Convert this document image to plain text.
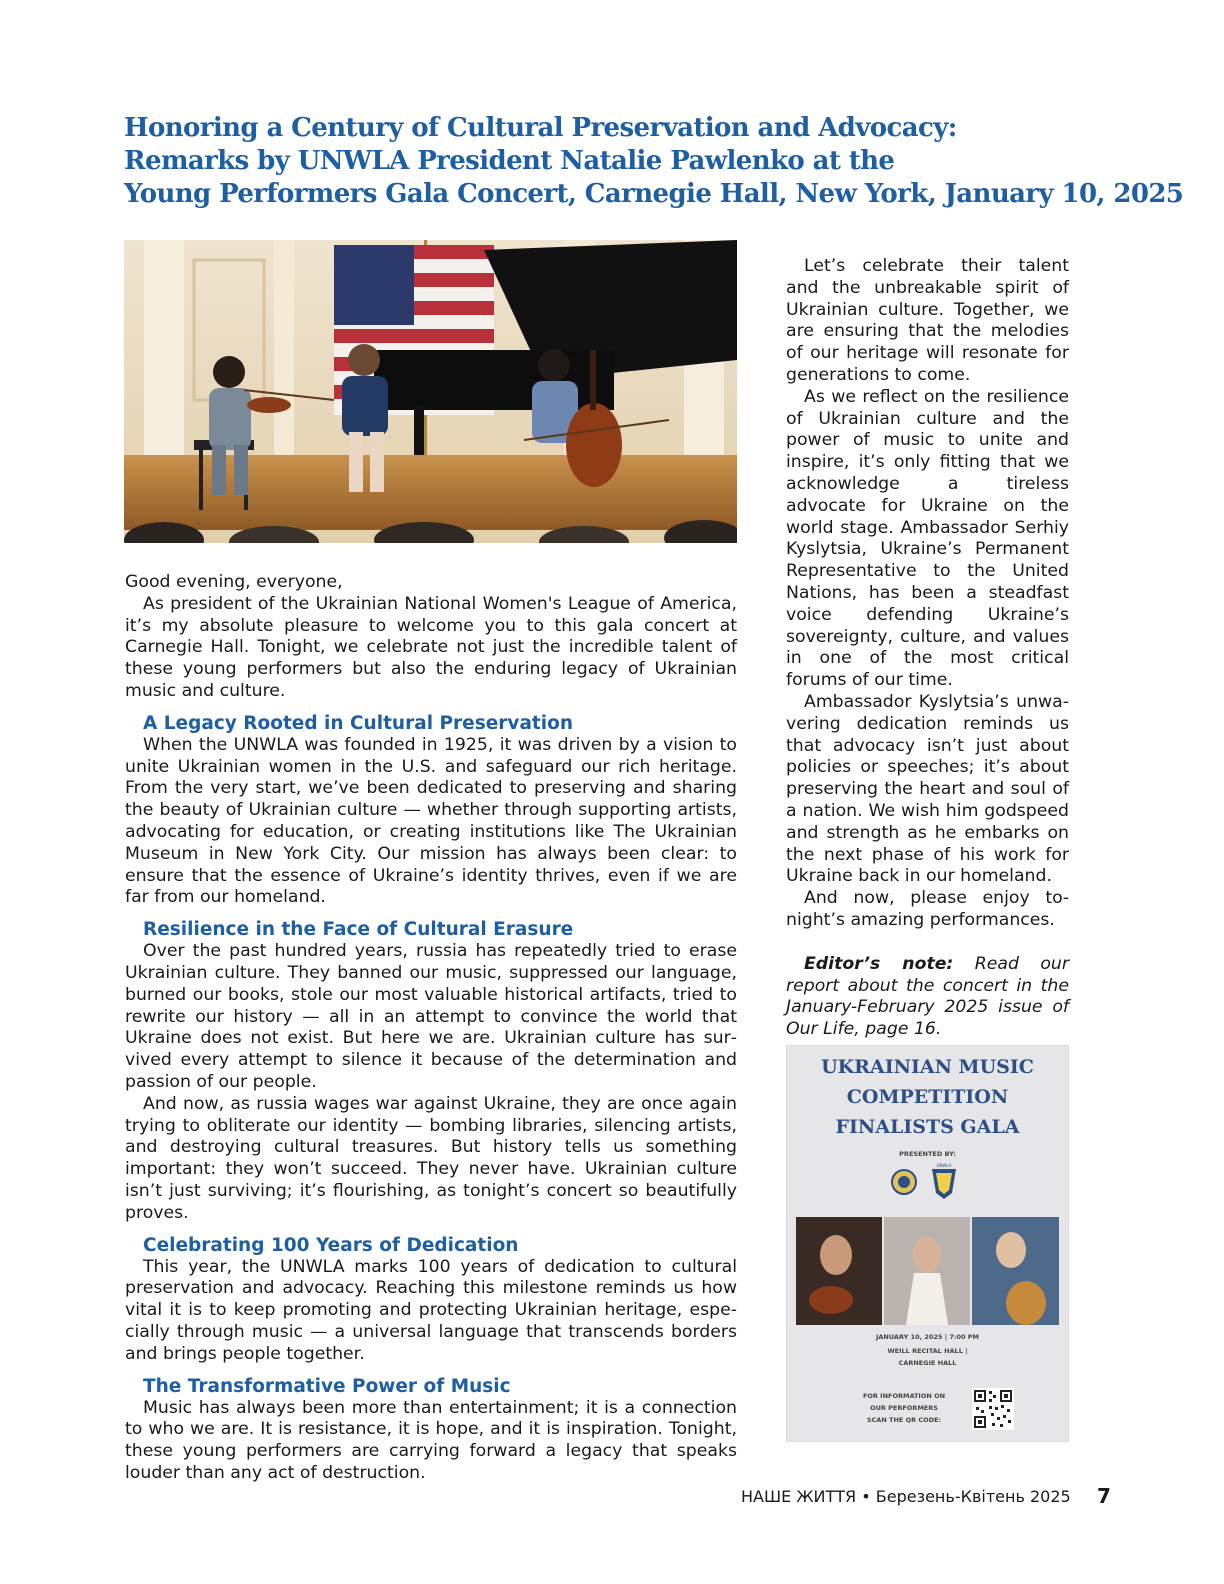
Honoring a Century of Cultural Preservation and Advocacy:
Remarks by UNWLA President Natalie Pawlenko at the
Young Performers Gala Concert, Carnegie Hall, New York, January 10, 2025

Good evening, everyone,

As president of the Ukrainian National Women's League of America, it’s my absolute pleasure to welcome you to this gala concert at Carnegie Hall. Tonight, we celebrate not just the incredible talent of these young performers but also the enduring legacy of Ukrainian music and culture.

A Legacy Rooted in Cultural Preservation

When the UNWLA was founded in 1925, it was driven by a vision to unite Ukrainian women in the U.S. and safeguard our rich heritage. From the very start, we’ve been dedicated to preserving and sharing the beauty of Ukrainian culture — whether through supporting artists, advocating for education, or creating institutions like The Ukrainian Museum in New York City. Our mission has always been clear: to ensure that the essence of Ukraine’s identity thrives, even if we are far from our homeland.

Resilience in the Face of Cultural Erasure

Over the past hundred years, russia has repeatedly tried to erase Ukrainian culture. They banned our music, suppressed our language, burned our books, stole our most valuable historical artifacts, tried to rewrite our history — all in an attempt to convince the world that Ukraine does not exist. But here we are. Ukrainian culture has survived every attempt to silence it because of the determination and passion of our people.

And now, as russia wages war against Ukraine, they are once again trying to obliterate our identity — bombing libraries, silencing artists, and destroying cultural treasures. But history tells us something important: they won’t succeed. They never have. Ukrainian culture isn’t just surviving; it’s flourishing, as tonight’s concert so beautifully proves.

Celebrating 100 Years of Dedication

This year, the UNWLA marks 100 years of dedication to cultural preservation and advocacy. Reaching this milestone reminds us how vital it is to keep promoting and protecting Ukrainian heritage, especially through music — a universal language that transcends borders and brings people together.

The Transformative Power of Music

Music has always been more than entertainment; it is a connection to who we are. It is resistance, it is hope, and it is inspiration. Tonight, these young performers are carrying forward a legacy that speaks louder than any act of destruction.

Let’s celebrate their talent and the unbreakable spirit of Ukrainian culture. Together, we are ensuring that the melodies of our heritage will resonate for generations to come.

As we reflect on the resilience of Ukrainian culture and the power of music to unite and inspire, it’s only fitting that we acknowledge a tireless advocate for Ukraine on the world stage. Ambassador Serhiy Kyslytsia, Ukraine’s Permanent Representative to the United Nations, has been a steadfast voice defending Ukraine’s sovereignty, culture, and values in one of the most critical forums of our time.

Ambassador Kyslytsia’s unwavering dedication reminds us that advocacy isn’t just about policies or speeches; it’s about preserving the heart and soul of a nation. We wish him godspeed and strength as he embarks on the next phase of his work for Ukraine back in our homeland.

And now, please enjoy tonight’s amazing performances.

Editor’s note: Read our report about the concert in the January-February 2025 issue of Our Life, page 16.

UKRAINIAN MUSIC
COMPETITION
FINALISTS GALA
PRESENTED BY:
UNWLA
JANUARY 10, 2025 | 7:00 PM
WEILL RECITAL HALL |
CARNEGIE HALL
FOR INFORMATION ON
OUR PERFORMERS
SCAN THE QR CODE:
НАШЕ ЖИТТЯ • Березень-Квітень 2025 7
